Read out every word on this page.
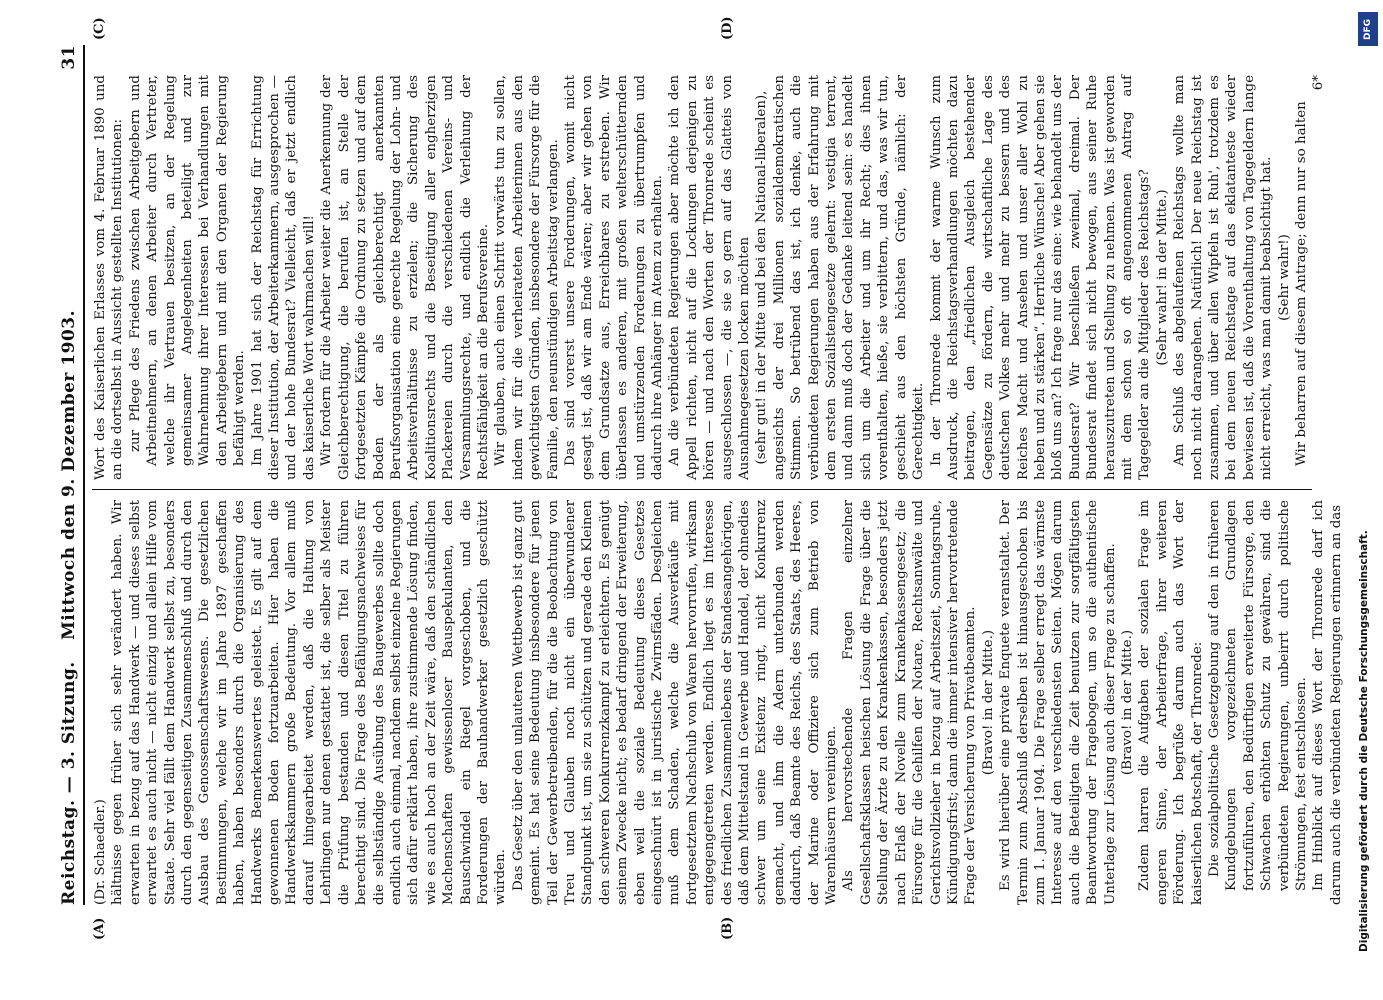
Reichstag. — 3. Sitzung.
Mittwoch den 9. Dezember 1903.
31
(A)	(B)
(C)	(D)

(Dr. Schaedler.) hältnisse gegen früher sich sehr verändert haben. Wir erwarten in bezug auf das Handwerk — und dieses selbst erwartet es auch nicht — nicht einzig und allein Hilfe vom Staate. Sehr viel fällt dem Handwerk selbst zu, besonders durch den gegenseitigen Zusammenschluß und durch den Ausbau des Genossenschaftswesens. Die gesetzlichen Bestimmungen, welche wir im Jahre 1897 geschaffen haben, haben besonders durch die Organisierung des Handwerks Bemerkenswertes geleistet. Es gilt auf dem gewonnenen Boden fortzuarbeiten. Hier haben die Handwerkskammern große Bedeutung. Vor allem muß darauf hingearbeitet werden, daß die Haltung von Lehrlingen nur denen gestattet ist, die selber als Meister die Prüfung bestanden und diesen Titel zu führen berechtigt sind. Die Frage des Befähigungsnachweises für die selbständige Ausübung des Baugewerbes sollte doch endlich auch einmal, nachdem selbst einzelne Regierungen sich dafür erklärt haben, ihre zustimmende Lösung finden, wie es auch hoch an der Zeit wäre, daß den schändlichen Machenschaften gewissenloser Bauspekulanten, den Bauschwindel ein Riegel vorgeschoben, und die Forderungen der Bauhandwerker gesetzlich geschützt würden. Das Gesetz über den unlauteren Wettbewerb ist ganz gut gemeint. Es hat seine Bedeutung insbesondere für jenen Teil der Gewerbetreibenden, für die die Beobachtung von Treu und Glauben noch nicht ein überwundener Standpunkt ist, um sie zu schützen und gerade den Kleinen den schweren Konkurrenzkampf zu erleichtern. Es genügt seinem Zwecke nicht; es bedarf dringend der Erweiterung, eben weil die soziale Bedeutung dieses Gesetzes eingeschnürt ist in juristische Zwirnsfäden. Desgleichen muß dem Schaden, welche die Ausverkäufe mit fortgesetztem Nachschub von Waren hervorrufen, wirksam entgegengetreten werden. Endlich liegt es im Interesse des friedlichen Zusammenlebens der Standesangehörigen, daß dem Mittelstand in Gewerbe und Handel, der ohnedies schwer um seine Existenz ringt, nicht Konkurrenz gemacht, und ihm die Adern unterbunden werden dadurch, daß Beamte des Reichs, des Staats, des Heeres, der Marine oder Offiziere sich zum Betrieb von Warenhäusern vereinigen. Als hervorstechende Fragen einzelner Gesellschaftsklassen heischen Lösung die Frage über die Stellung der Ärzte zu den Krankenkassen, besonders jetzt nach Erlaß der Novelle zum Krankenkassengesetz; die Fürsorge für die Gehilfen der Notare, Rechtsanwälte und Gerichtsvollzieher in bezug auf Arbeitszeit, Sonntagsruhe, Kündigungsfrist; dann die immer intensiver hervortretende Frage der Versicherung von Privatbeamten. (Bravo! in der Mitte.) Es wird hierüber eine private Enquete veranstaltet. Der Termin zum Abschluß derselben ist hinausgeschoben bis zum 1. Januar 1904. Die Frage selber erregt das wärmste Interesse auf den verschiedensten Seiten. Mögen darum auch die Beteiligten die Zeit benutzen zur sorgfältigsten Beantwortung der Fragebogen, um so die authentische Unterlage zur Lösung auch dieser Frage zu schaffen. (Bravo! in der Mitte.) Zudem harren die Aufgaben der sozialen Frage im engeren Sinne, der Arbeiterfrage, ihrer weiteren Förderung. Ich begrüße darum auch das Wort der kaiserlichen Botschaft, der Thronrede: Die sozialpolitische Gesetzgebung auf den in früheren Kundgebungen vorgezeichneten Grundlagen fortzuführen, den Bedürftigen erweiterte Fürsorge, den Schwachen erhöhten Schutz zu gewähren, sind die verbündeten Regierungen, unbeirrt durch politische Strömungen, fest entschlossen. Im Hinblick auf dieses Wort der Thronrede darf ich darum auch die verbündeten Regierungen erinnern an das

Wort des Kaiserlichen Erlasses vom 4. Februar 1890 und an die dortselbst in Aussicht gestellten Institutionen: zur Pflege des Friedens zwischen Arbeitgebern und Arbeitnehmern, an denen Arbeiter durch Vertreter, welche ihr Vertrauen besitzen, an der Regelung gemeinsamer Angelegenheiten beteiligt und zur Wahrnehmung ihrer Interessen bei Verhandlungen mit den Arbeitgebern und mit den Organen der Regierung befähigt werden. Im Jahre 1901 hat sich der Reichstag für Errichtung dieser Institution, der Arbeiterkammern, ausgesprochen — und der hohe Bundesrat? Vielleicht, daß er jetzt endlich das kaiserliche Wort wahrmachen will! Wir fordern für die Arbeiter weiter die Anerkennung der Gleichberechtigung, die berufen ist, an Stelle der fortgesetzten Kämpfe die Ordnung zu setzen und auf dem Boden der als gleichberechtigt anerkannten Berufsorganisation eine gerechte Regelung der Lohn- und Arbeitsverhältnisse zu erzielen; die Sicherung des Koalitionsrechts und die Beseitigung aller engherzigen Plackereien durch die verschiedenen Vereins- und Versammlungsrechte, und endlich die Verleihung der Rechtsfähigkeit an die Berufsvereine. Wir glauben, auch einen Schritt vorwärts tun zu sollen, indem wir für die verheirateten Arbeiterinnen aus den gewichtigsten Gründen, insbesondere der Fürsorge für die Familie, den neunstündigen Arbeitstag verlangen. Das sind vorerst unsere Forderungen, womit nicht gesagt ist, daß wir am Ende wären; aber wir gehen von dem Grundsatze aus, Erreichbares zu erstreben. Wir überlassen es anderen, mit großen welterschütternden und umstürzenden Forderungen zu übertrumpfen und dadurch ihre Anhänger im Atem zu erhalten. An die verbündeten Regierungen aber möchte ich den Appell richten, nicht auf die Lockungen derjenigen zu hören — und nach den Worten der Thronrede scheint es ausgeschlossen —, die sie so gern auf das Glatteis von Ausnahmegesetzen locken möchten (sehr gut! in der Mitte und bei den National-liberalen), angesichts der drei Millionen sozialdemokratischen Stimmen. So betrübend das ist, ich denke, auch die verbündeten Regierungen haben aus der Erfahrung mit dem ersten Sozialistengesetze gelernt: vestigia terrent, und dann muß doch der Gedanke leitend sein: es handelt sich um die Arbeiter und um ihr Recht; dies ihnen vorenthalten, hieße, sie verbittern, und das, was wir tun, geschieht aus den höchsten Gründe, nämlich: der Gerechtigkeit. In der Thronrede kommt der warme Wunsch zum Ausdruck, die Reichstagsverhandlungen möchten dazu beitragen, den „friedlichen Ausgleich bestehender Gegensätze zu fördern, die wirtschaftliche Lage des deutschen Volkes mehr und mehr zu bessern und des Reiches Macht und Ansehen und unser aller Wohl zu heben und zu stärken“. Herrliche Wünsche! Aber gehen sie bloß uns an? Ich frage nur das eine: wie behandelt uns der Bundesrat? Wir beschließen zweimal, dreimal. Der Bundesrat findet sich nicht bewogen, aus seiner Ruhe herauszutreten und Stellung zu nehmen. Was ist geworden mit dem schon so oft angenommenen Antrag auf Tagegelder an die Mitglieder des Reichstags? (Sehr wahr! in der Mitte.) Am Schluß des abgelaufenen Reichstags wollte man noch nicht darangehen. Natürlich! Der neue Reichstag ist zusammen, und über allen Wipfeln ist Ruh', trotzdem es bei dem neuen Reichstage auf das eklatanteste wieder bewiesen ist, daß die Vorenthaltung von Tagegeldern lange nicht erreicht, was man damit beabsichtigt hat. (Sehr wahr!) Wir beharren auf diesem Antrage; denn nur so halten

6*

DFG
Digitalisierung gefördert durch die Deutsche Forschungsgemeinschaft.
